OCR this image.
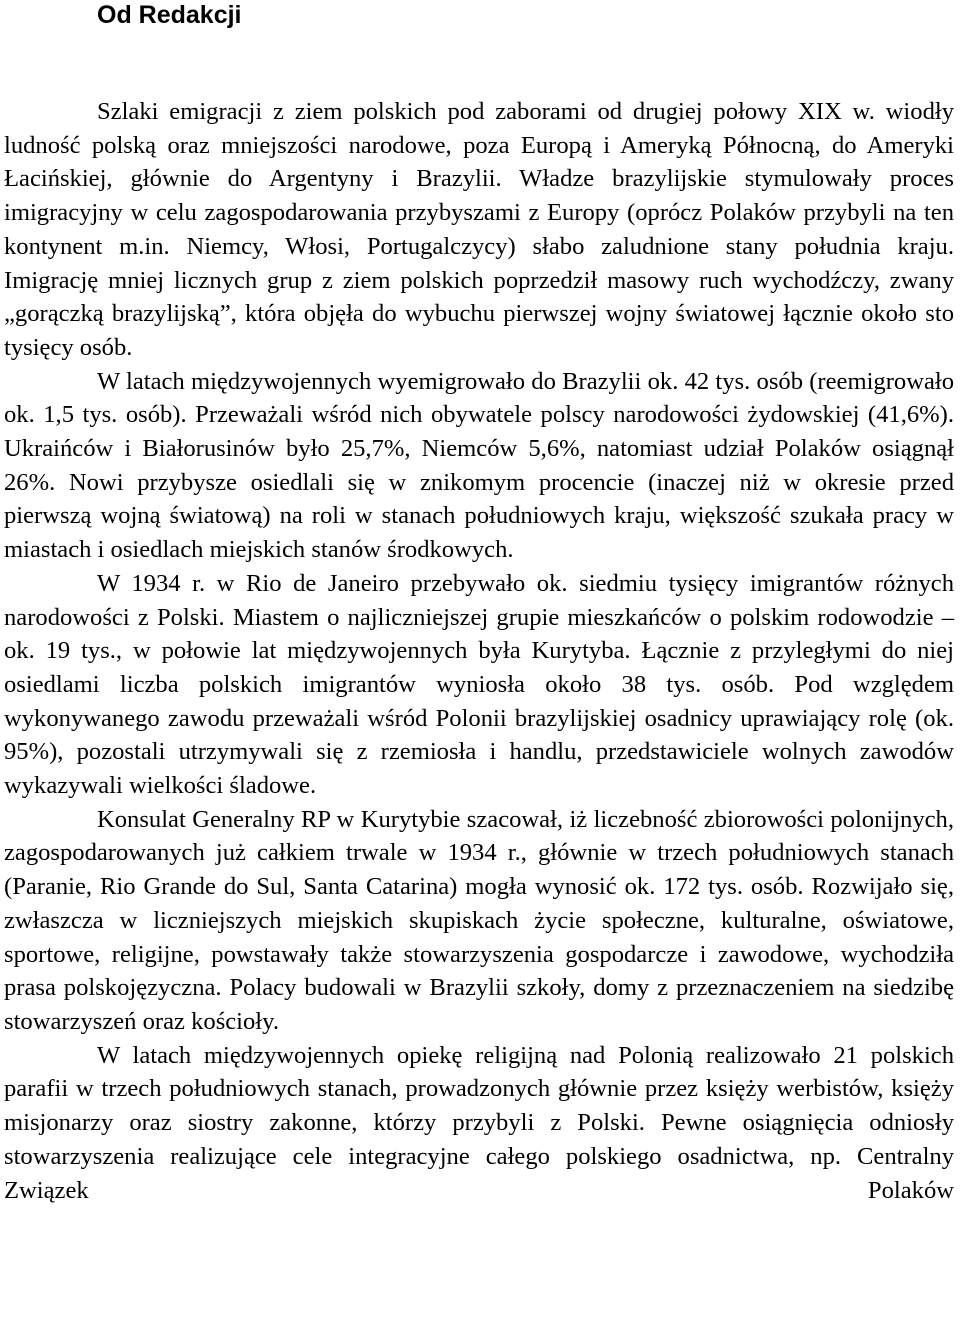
Od Redakcji

Szlaki emigracji z ziem polskich pod zaborami od drugiej połowy XIX w. wiodły ludność polską oraz mniejszości narodowe, poza Europą i Ameryką Północną, do Ameryki Łacińskiej, głównie do Argentyny i Brazylii. Władze brazylijskie stymulowały proces imigracyjny w celu zagospodarowania przybyszami z Europy (oprócz Polaków przybyli na ten kontynent m.in. Niemcy, Włosi, Portugalczycy) słabo zaludnione stany południa kraju. Imigrację mniej licznych grup z ziem polskich poprzedził masowy ruch wychodźczy, zwany „gorączką brazylijską”, która objęła do wybuchu pierwszej wojny światowej łącznie około sto tysięcy osób.

W latach międzywojennych wyemigrowało do Brazylii ok. 42 tys. osób (reemigrowało ok. 1,5 tys. osób). Przeważali wśród nich obywatele polscy narodowości żydowskiej (41,6%). Ukraińców i Białorusinów było 25,7%, Niemców 5,6%, natomiast udział Polaków osiągnął 26%. Nowi przybysze osiedlali się w znikomym procencie (inaczej niż w okresie przed pierwszą wojną światową) na roli w stanach południowych kraju, większość szukała pracy w miastach i osiedlach miejskich stanów środkowych.

W 1934 r. w Rio de Janeiro przebywało ok. siedmiu tysięcy imigrantów różnych narodowości z Polski. Miastem o najliczniejszej grupie mieszkańców o polskim rodowodzie – ok. 19 tys., w połowie lat międzywojennych była Kurytyba. Łącznie z przyległymi do niej osiedlami liczba polskich imigrantów wyniosła około 38 tys. osób. Pod względem wykonywanego zawodu przeważali wśród Polonii brazylijskiej osadnicy uprawiający rolę (ok. 95%), pozostali utrzymywali się z rzemiosła i handlu, przedstawiciele wolnych zawodów wykazywali wielkości śladowe.

Konsulat Generalny RP w Kurytybie szacował, iż liczebność zbiorowości polonijnych, zagospodarowanych już całkiem trwale w 1934 r., głównie w trzech południowych stanach (Paranie, Rio Grande do Sul, Santa Catarina) mogła wynosić ok. 172 tys. osób. Rozwijało się, zwłaszcza w liczniejszych miejskich skupiskach życie społeczne, kulturalne, oświatowe, sportowe, religijne, powstawały także stowarzyszenia gospodarcze i zawodowe, wychodziła prasa polskojęzyczna. Polacy budowali w Brazylii szkoły, domy z przeznaczeniem na siedzibę stowarzyszeń oraz kościoły.

W latach międzywojennych opiekę religijną nad Polonią realizowało 21 polskich parafii w trzech południowych stanach, prowadzonych głównie przez księży werbistów, księży misjonarzy oraz siostry zakonne, którzy przybyli z Polski. Pewne osiągnięcia odniosły stowarzyszenia realizujące cele integracyjne całego polskiego osadnictwa, np. Centralny Związek Polaków
